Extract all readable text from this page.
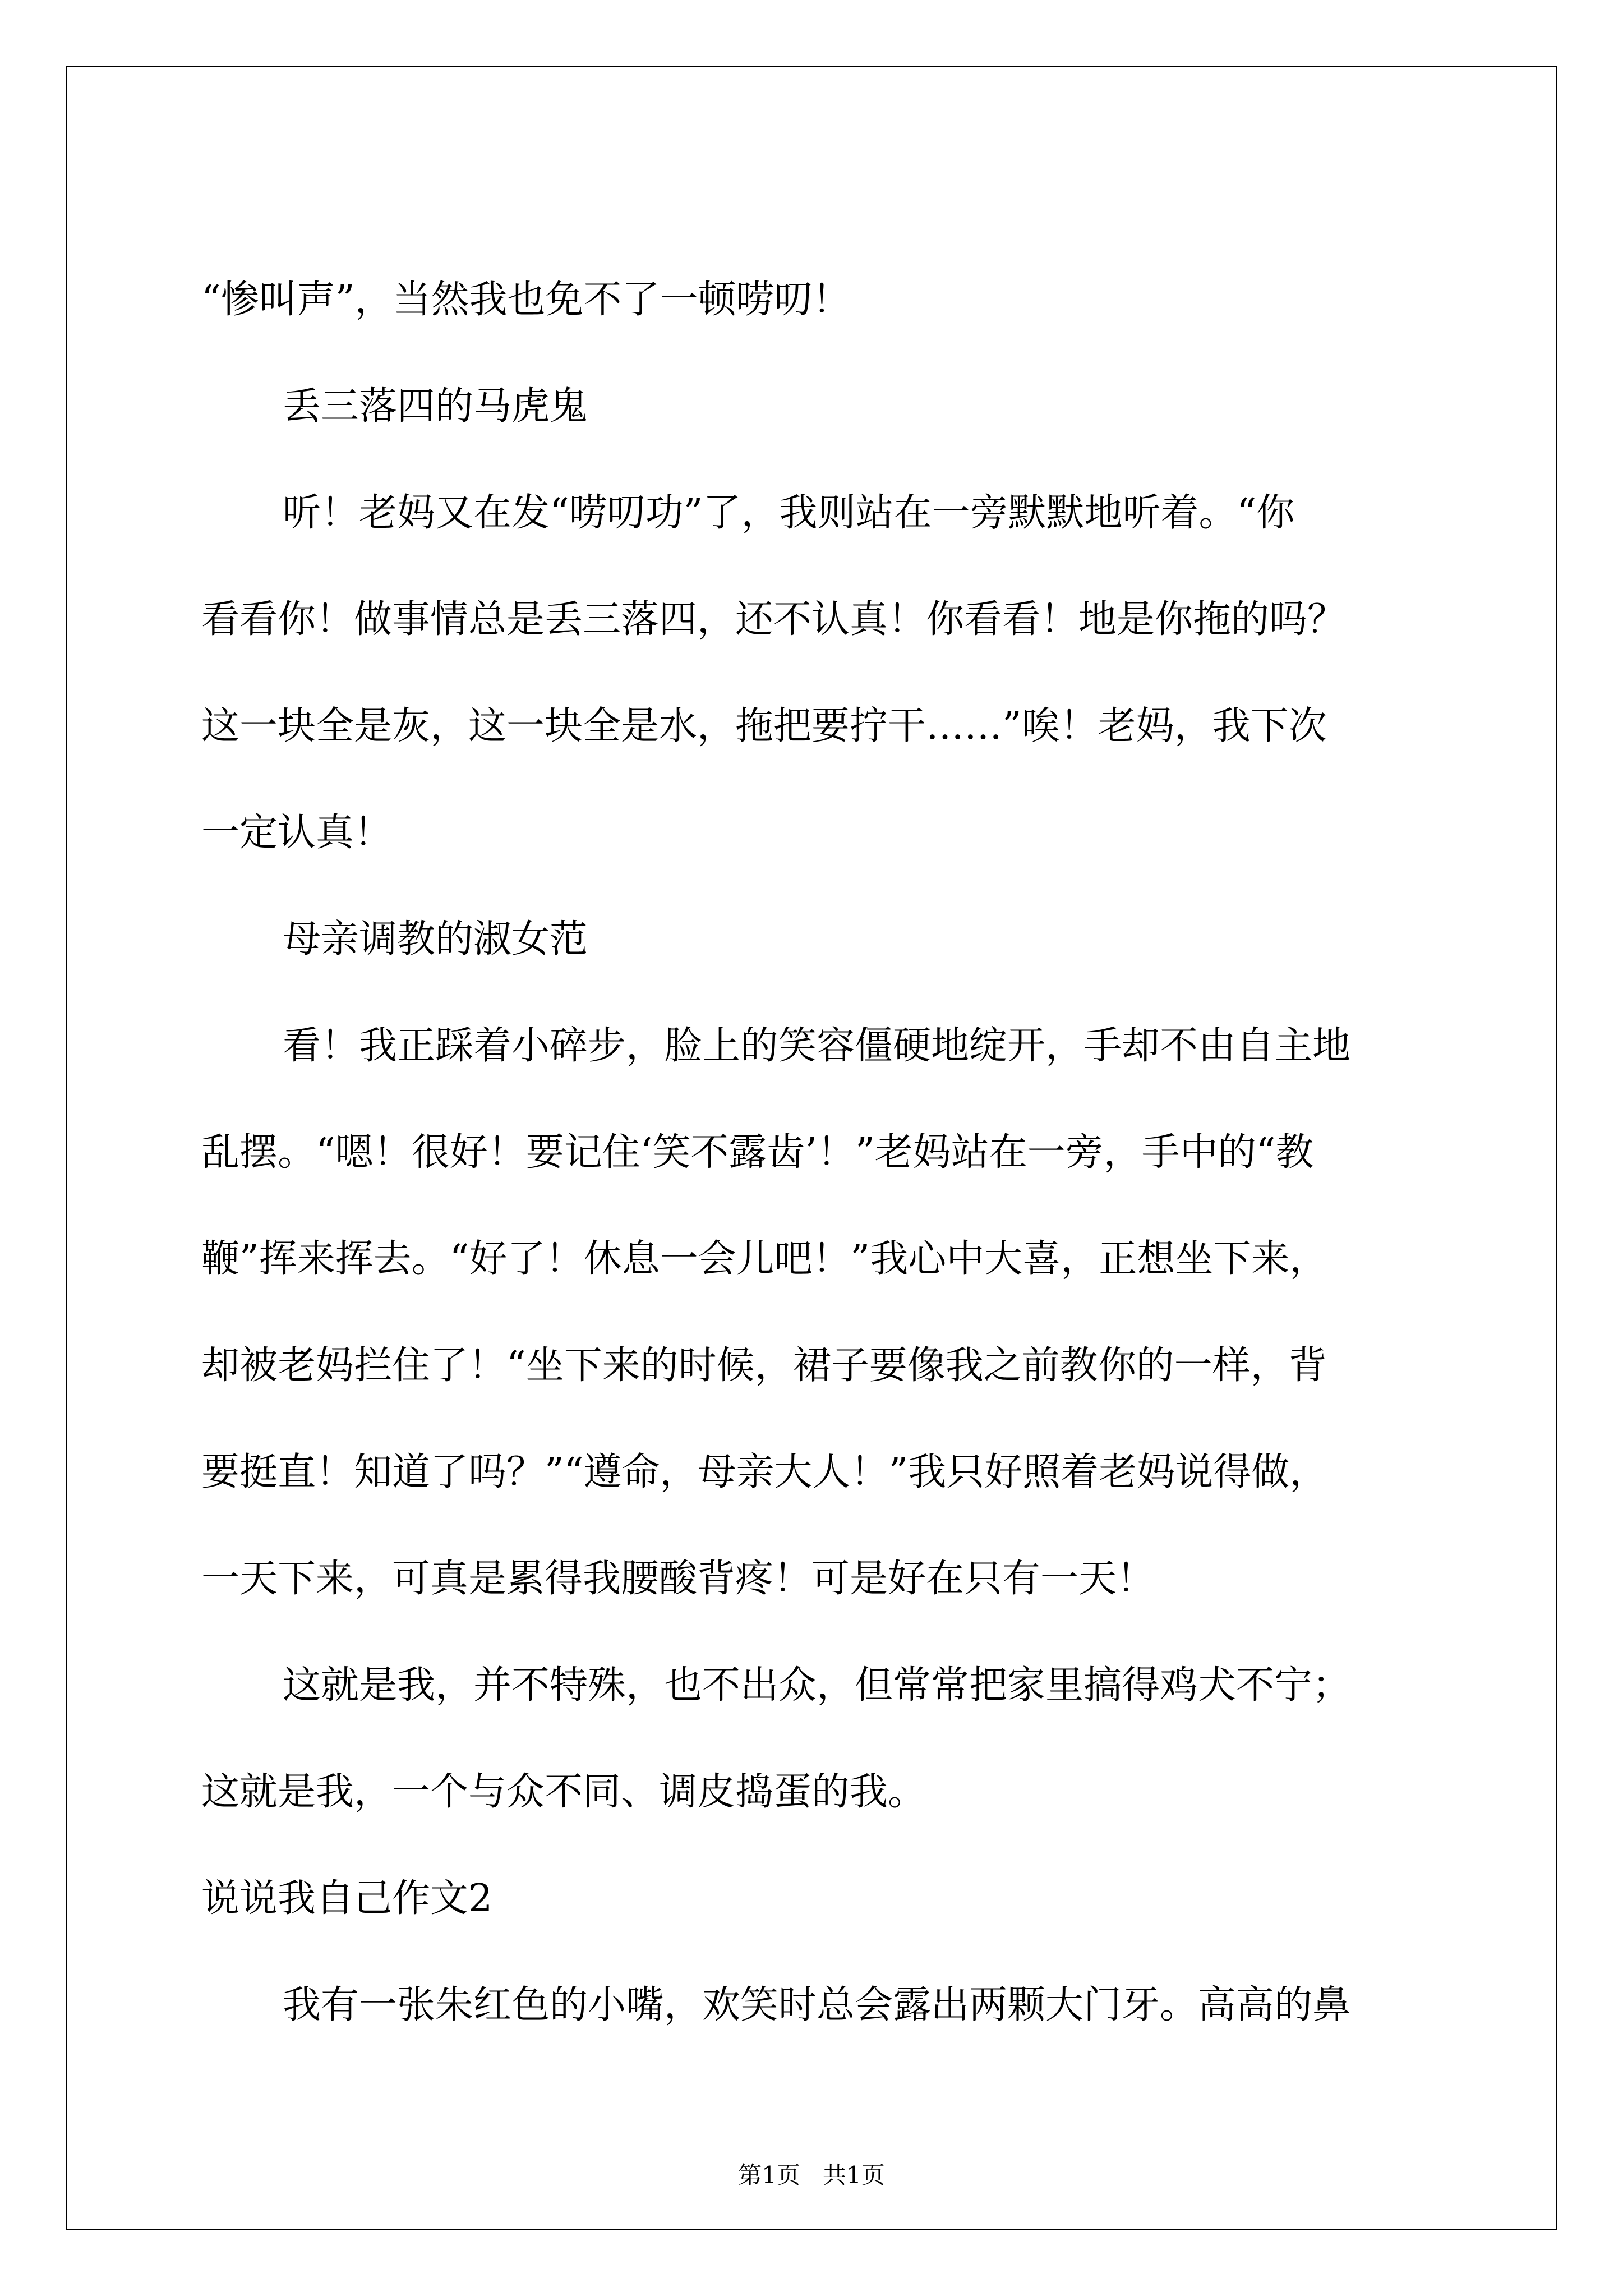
“惨叫声”，当然我也免不了一顿唠叨！

丢三落四的马虎鬼

听！老妈又在发“唠叨功”了，我则站在一旁默默地听着。“你

看看你！做事情总是丢三落四，还不认真！你看看！地是你拖的吗？

这一块全是灰，这一块全是水，拖把要拧干……”唉！老妈，我下次

一定认真！

母亲调教的淑女范

看！我正踩着小碎步，脸上的笑容僵硬地绽开，手却不由自主地

乱摆。“嗯！很好！要记住‘笑不露齿’！”老妈站在一旁，手中的“教

鞭”挥来挥去。“好了！休息一会儿吧！”我心中大喜，正想坐下来，

却被老妈拦住了！“坐下来的时候，裙子要像我之前教你的一样，背

要挺直！知道了吗？”“遵命，母亲大人！”我只好照着老妈说得做，

一天下来，可真是累得我腰酸背疼！可是好在只有一天！

这就是我，并不特殊，也不出众，但常常把家里搞得鸡犬不宁；

这就是我，一个与众不同、调皮捣蛋的我。

说说我自己作文2

我有一张朱红色的小嘴，欢笑时总会露出两颗大门牙。高高的鼻

第1页 共1页
